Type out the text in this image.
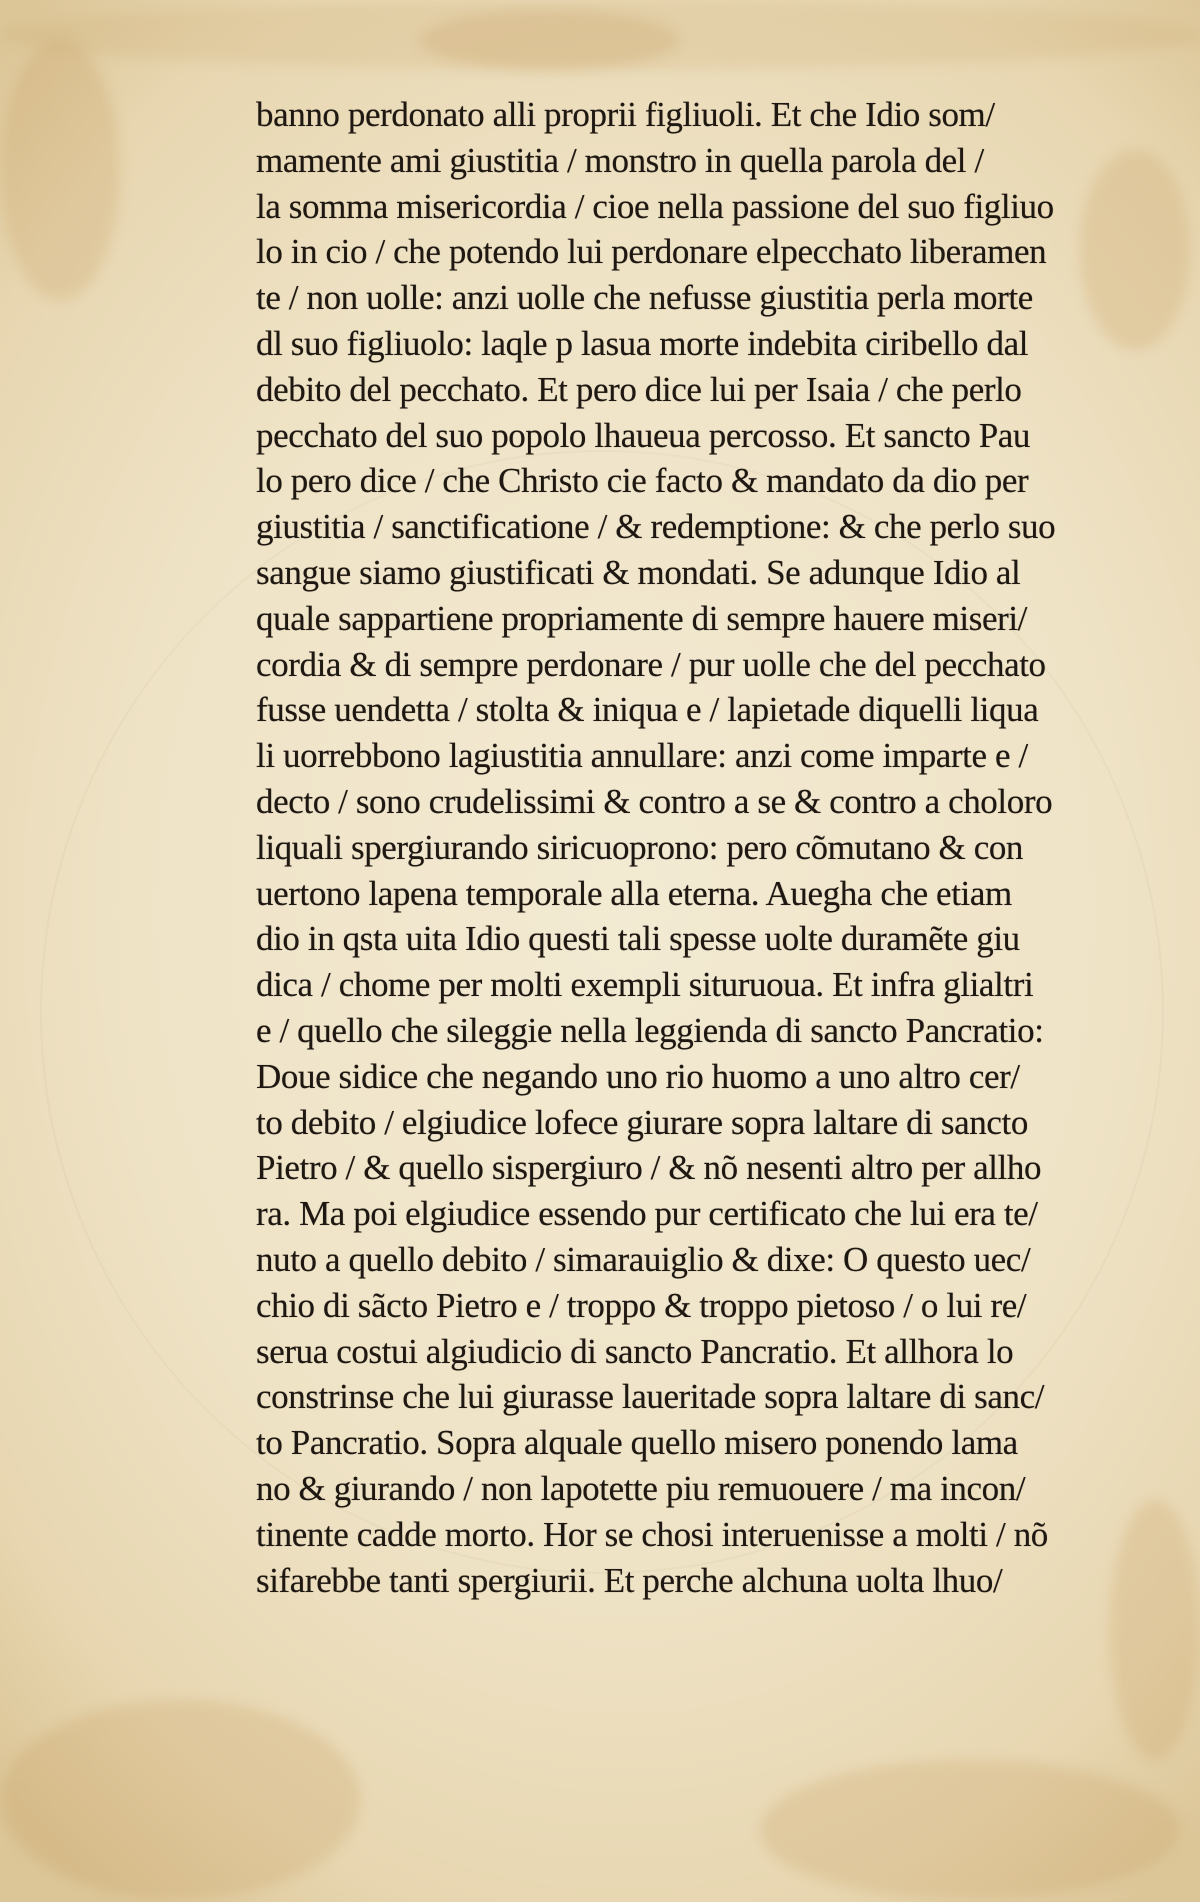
banno perdonato alli proprii figliuoli. Et che Idio som/
mamente ami giustitia / monstro in quella parola del /
la somma misericordia / cioe nella passione del suo figliuo
lo in cio / che potendo lui perdonare elpecchato liberamen
te / non uolle: anzi uolle che nefusse giustitia perla morte
dl suo figliuolo: laqle p lasua morte indebita ciribello dal
debito del pecchato. Et pero dice lui per Isaia / che perlo
pecchato del suo popolo lhaueua percosso. Et sancto Pau
lo pero dice / che Christo cie facto & mandato da dio per
giustitia / sanctificatione / & redemptione: & che perlo suo
sangue siamo giustificati & mondati. Se adunque Idio al
quale sappartiene propriamente di sempre hauere miseri/
cordia & di sempre perdonare / pur uolle che del pecchato
fusse uendetta / stolta & iniqua e / lapietade diquelli liqua
li uorrebbono lagiustitia annullare: anzi come imparte e /
decto / sono crudelissimi & contro a se & contro a choloro
liquali spergiurando siricuoprono: pero cõmutano & con
uertono lapena temporale alla eterna. Auegha che etiam
dio in qsta uita Idio questi tali spesse uolte duramẽte giu
dica / chome per molti exempli situruoua. Et infra glialtri
e / quello che sileggie nella leggienda di sancto Pancratio:
Doue sidice che negando uno rio huomo a uno altro cer/
to debito / elgiudice lofece giurare sopra laltare di sancto
Pietro / & quello sispergiuro / & nõ nesenti altro per allho
ra. Ma poi elgiudice essendo pur certificato che lui era te/
nuto a quello debito / simarauiglio & dixe: O questo uec/
chio di sãcto Pietro e / troppo & troppo pietoso / o lui re/
serua costui algiudicio di sancto Pancratio. Et allhora lo
constrinse che lui giurasse laueritade sopra laltare di sanc/
to Pancratio. Sopra alquale quello misero ponendo lama
no & giurando / non lapotette piu remuouere / ma incon/
tinente cadde morto. Hor se chosi interuenisse a molti / nõ
sifarebbe tanti spergiurii. Et perche alchuna uolta lhuo/
